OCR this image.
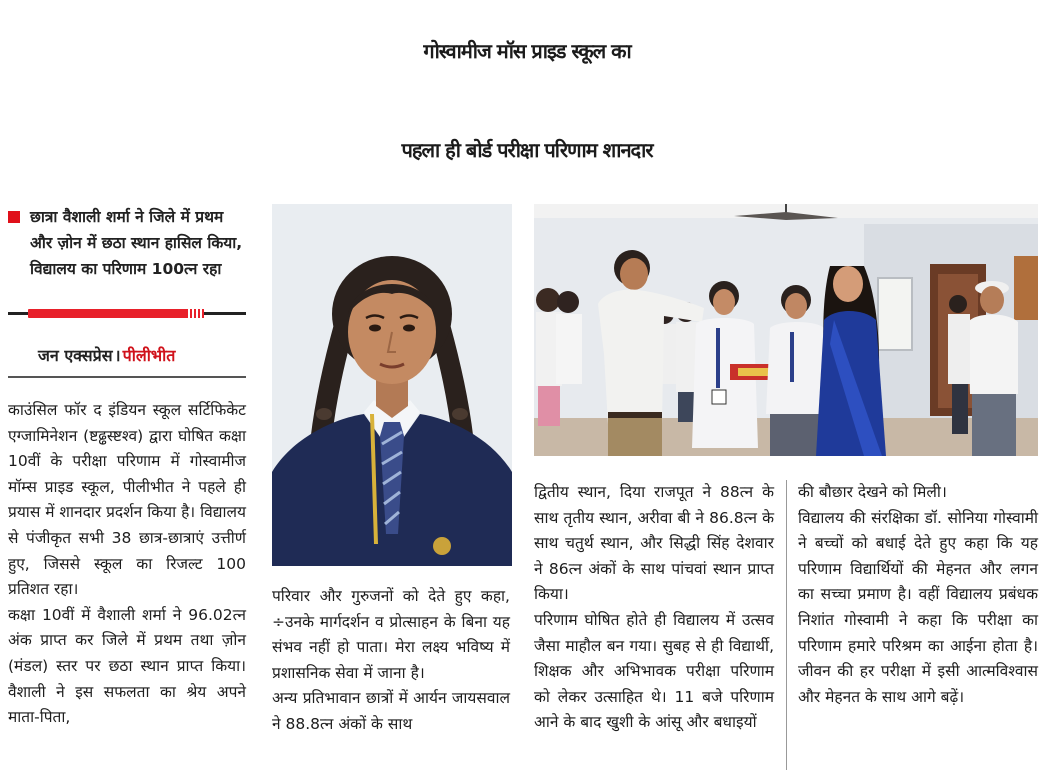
गोस्वामीज मॉस प्राइड स्कूल का
पहला ही बोर्ड परीक्षा परिणाम शानदार
छात्रा वैशाली शर्मा ने जिले में प्रथम और ज़ोन में छठा स्थान हासिल किया, विद्यालय का परिणाम 100त्न रहा
जन एक्सप्रेस । पीलीभीत

काउंसिल फॉर द इंडियन स्कूल सर्टिफिकेट एग्जामिनेशन (ष्टढ्ढस्ष्टश्व) द्वारा घोषित कक्षा 10वीं के परीक्षा परिणाम में गोस्वामीज मॉम्स प्राइड स्कूल, पीलीभीत ने पहले ही प्रयास में शानदार प्रदर्शन किया है। विद्यालय से पंजीकृत सभी 38 छात्र-छात्राएं उत्तीर्ण हुए, जिससे स्कूल का रिजल्ट 100 प्रतिशत रहा।

कक्षा 10वीं में वैशाली शर्मा ने 96.02त्न अंक प्राप्त कर जिले में प्रथम तथा ज़ोन (मंडल) स्तर पर छठा स्थान प्राप्त किया। वैशाली ने इस सफलता का श्रेय अपने माता-पिता,

परिवार और गुरुजनों को देते हुए कहा, ÷उनके मार्गदर्शन व प्रोत्साहन के बिना यह संभव नहीं हो पाता। मेरा लक्ष्य भविष्य में प्रशासनिक सेवा में जाना है।

अन्य प्रतिभावान छात्रों में आर्यन जायसवाल ने 88.8त्न अंकों के साथ

द्वितीय स्थान, दिया राजपूत ने 88त्न के साथ तृतीय स्थान, अरीवा बी ने 86.8त्न के साथ चतुर्थ स्थान, और सिद्धी सिंह देशवार ने 86त्न अंकों के साथ पांचवां स्थान प्राप्त किया।

परिणाम घोषित होते ही विद्यालय में उत्सव जैसा माहौल बन गया। सुबह से ही विद्यार्थी, शिक्षक और अभिभावक परीक्षा परिणाम को लेकर उत्साहित थे। 11 बजे परिणाम आने के बाद खुशी के आंसू और बधाइयों

की बौछार देखने को मिली।

विद्यालय की संरक्षिका डॉ. सोनिया गोस्वामी ने बच्चों को बधाई देते हुए कहा कि यह परिणाम विद्यार्थियों की मेहनत और लगन का सच्चा प्रमाण है। वहीं विद्यालय प्रबंधक निशांत गोस्वामी ने कहा कि परीक्षा का परिणाम हमारे परिश्रम का आईना होता है। जीवन की हर परीक्षा में इसी आत्मविश्वास और मेहनत के साथ आगे बढ़ें।
